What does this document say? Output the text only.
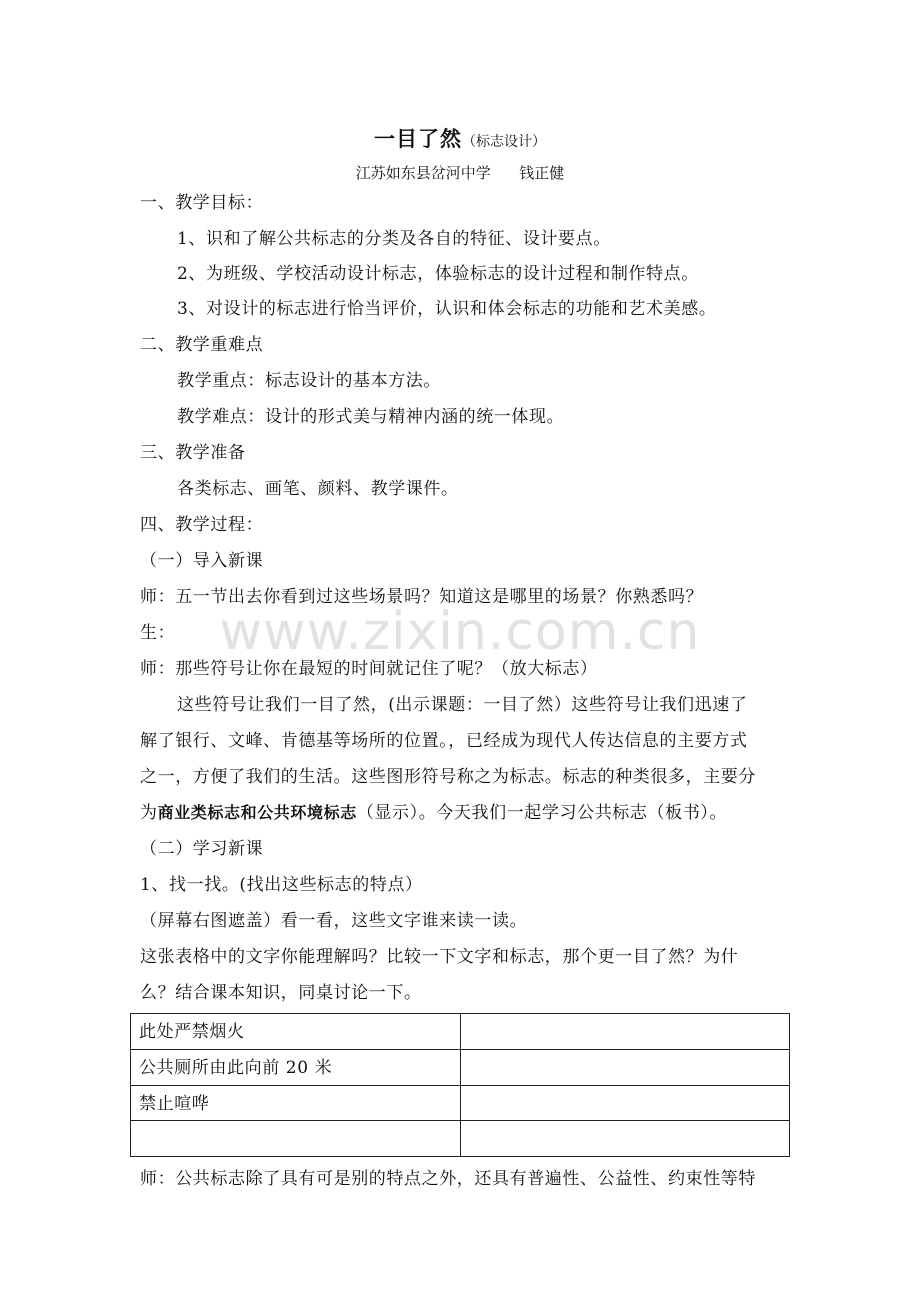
www.zixin.com.cn
一目了然（标志设计）
江苏如东县岔河中学      钱正健
一、教学目标：
1、识和了解公共标志的分类及各自的特征、设计要点。
2、为班级、学校活动设计标志，体验标志的设计过程和制作特点。
3、对设计的标志进行恰当评价，认识和体会标志的功能和艺术美感。
二、教学重难点
教学重点：标志设计的基本方法。
教学难点：设计的形式美与精神内涵的统一体现。
三、教学准备
各类标志、画笔、颜料、教学课件。
四、教学过程：
（一）导入新课
师：五一节出去你看到过这些场景吗？知道这是哪里的场景？你熟悉吗？
生：
师：那些符号让你在最短的时间就记住了呢？（放大标志）
这些符号让我们一目了然，(出示课题：一目了然）这些符号让我们迅速了
解了银行、文峰、肯德基等场所的位置。，已经成为现代人传达信息的主要方式
之一，方便了我们的生活。这些图形符号称之为标志。标志的种类很多，主要分
为商业类标志和公共环境标志（显示）。今天我们一起学习公共标志（板书）。
（二）学习新课
1、找一找。(找出这些标志的特点）
（屏幕右图遮盖）看一看，这些文字谁来读一读。
这张表格中的文字你能理解吗？比较一下文字和标志，那个更一目了然？为什
么？结合课本知识，同桌讨论一下。
此处严禁烟火	
公共厕所由此向前 20 米	
禁止喧哗	

师：公共标志除了具有可是别的特点之外，还具有普遍性、公益性、约束性等特
